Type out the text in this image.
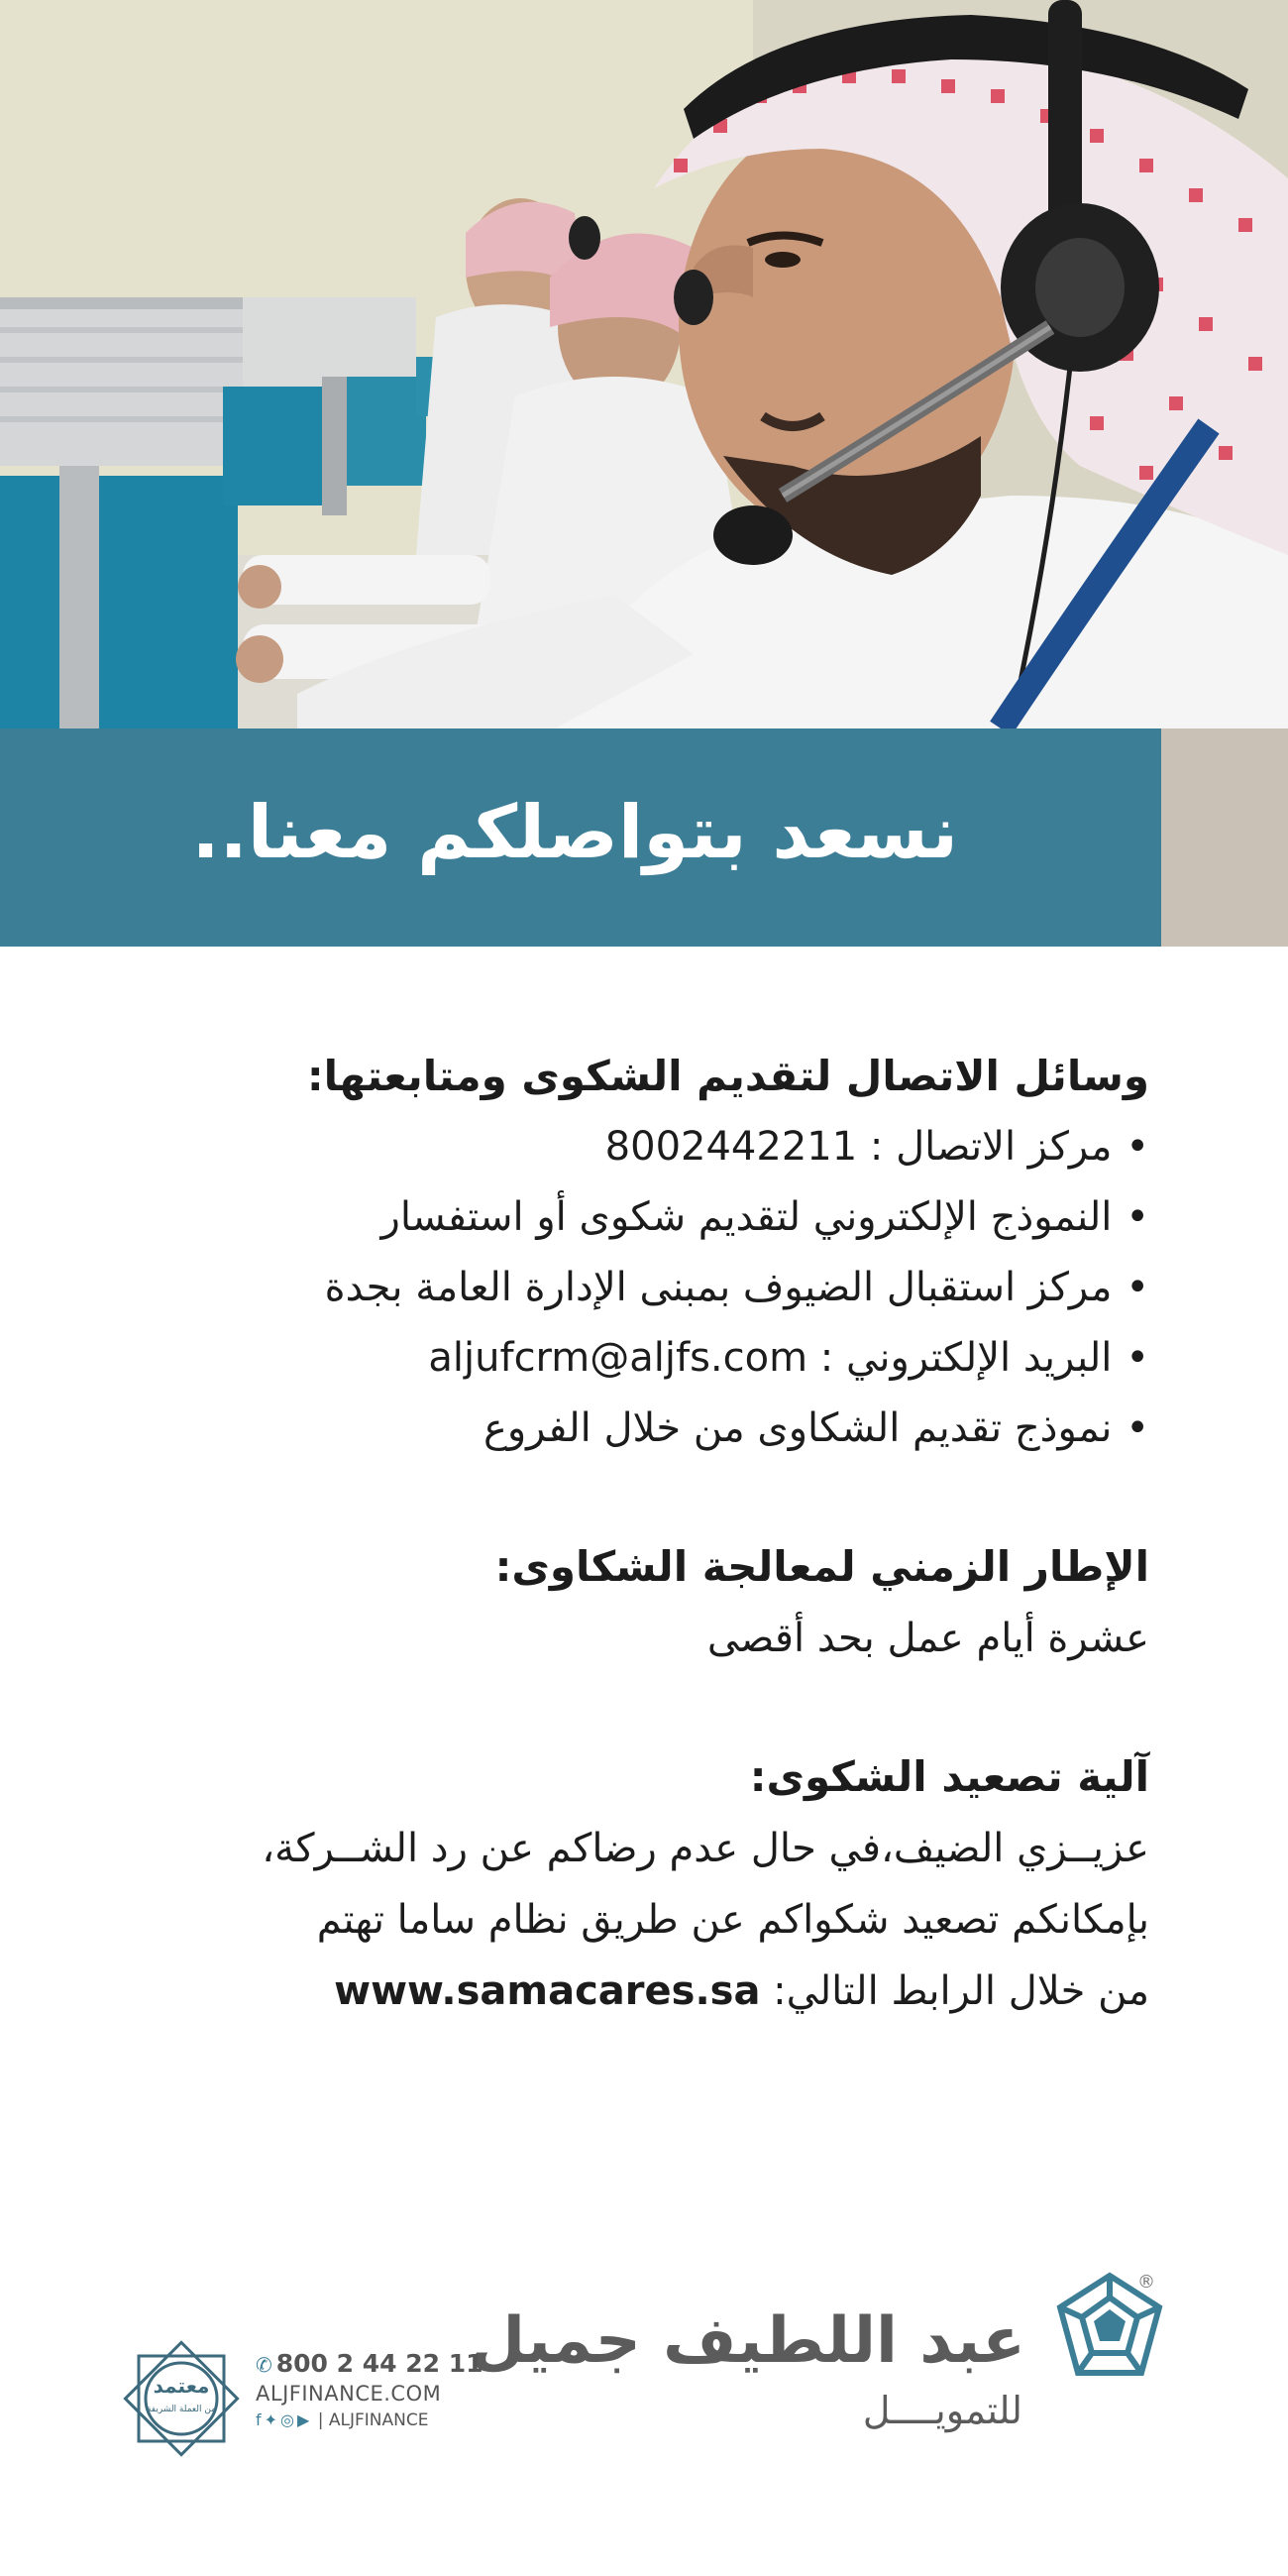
نسعد بتواصلكم معنا..
وسائل الاتصال لتقديم الشكوى ومتابعتها:
•مركز الاتصال : 8002442211
•النموذج الإلكتروني لتقديم شكوى أو استفسار
•مركز استقبال الضيوف بمبنى الإدارة العامة بجدة
•البريد الإلكتروني : aljufcrm@aljfs.com
•نموذج تقديم الشكاوى من خلال الفروع
الإطار الزمني لمعالجة الشكاوى:

عشرة أيام عمل بحد أقصى

آلية تصعيد الشكوى:

عزيــزي الضيف،في حال عدم رضاكم عن رد الشــركة،

بإمكانكم تصعيد شكواكم عن طريق نظام ساما تهتم

من خلال الرابط التالي: www.samacares.sa

®
عبد اللطيف جميل
للتمويــــل
✆ 800 2 44 22 11
ALJFINANCE.COM
f ✦ ◎ ▶ | ALJFINANCE
معتمد
من العملة الشريفة
